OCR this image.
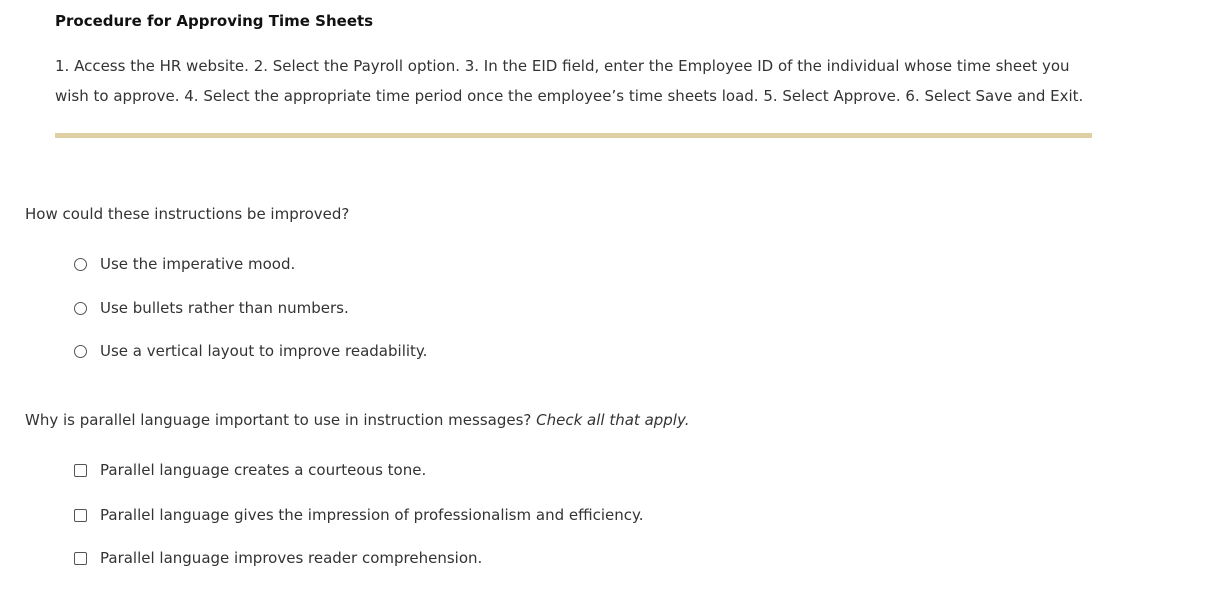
Procedure for Approving Time Sheets

1. Access the HR website. 2. Select the Payroll option. 3. In the EID field, enter the Employee ID of the individual whose time sheet you wish to approve. 4. Select the appropriate time period once the employee’s time sheets load. 5. Select Approve. 6. Select Save and Exit.

How could these instructions be improved?

Use the imperative mood.
Use bullets rather than numbers.
Use a vertical layout to improve readability.

Why is parallel language important to use in instruction messages? Check all that apply.

Parallel language creates a courteous tone.
Parallel language gives the impression of professionalism and efficiency.
Parallel language improves reader comprehension.
